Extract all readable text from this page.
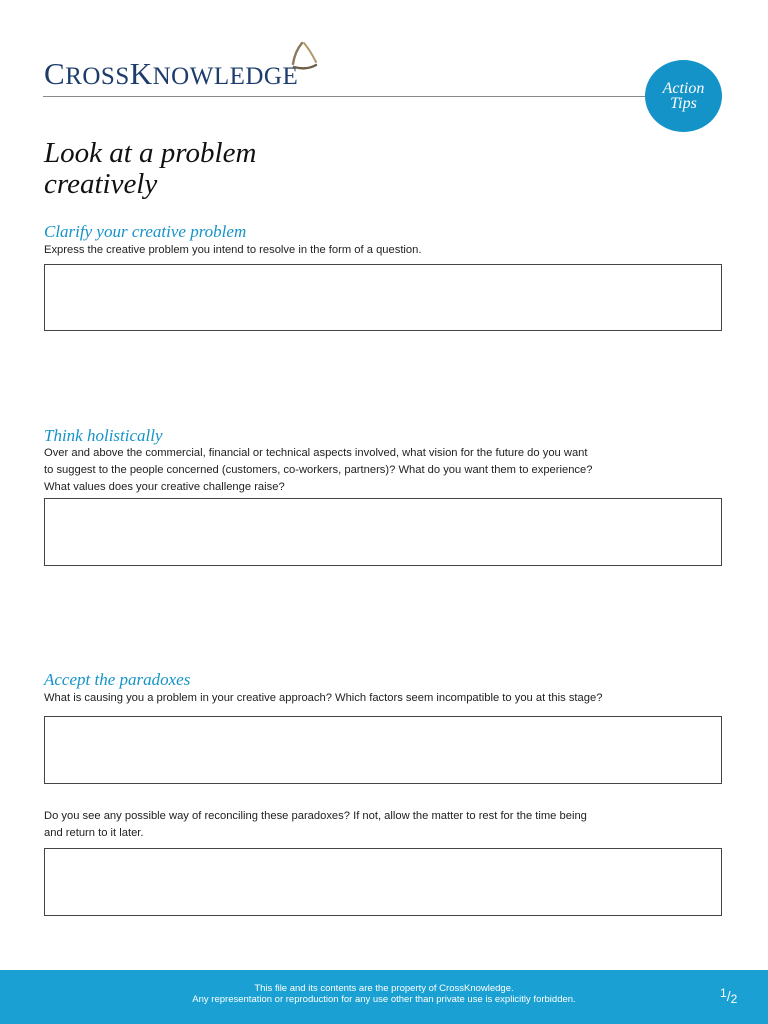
CROSSKNOWLEDGE	Action
Tips
Look at a problem
creatively
Clarify your creative problem

Express the creative problem you intend to resolve in the form of a question.

Think holistically

Over and above the commercial, financial or technical aspects involved, what vision for the future do you want
to suggest to the people concerned (customers, co-workers, partners)? What do you want them to experience?
What values does your creative challenge raise?

Accept the paradoxes

What is causing you a problem in your creative approach? Which factors seem incompatible to you at this stage?

Do you see any possible way of reconciling these paradoxes? If not, allow the matter to rest for the time being
and return to it later.

This file and its contents are the property of CrossKnowledge.
Any representation or reproduction for any use other than private use is explicitly forbidden.	$^1/_2$
